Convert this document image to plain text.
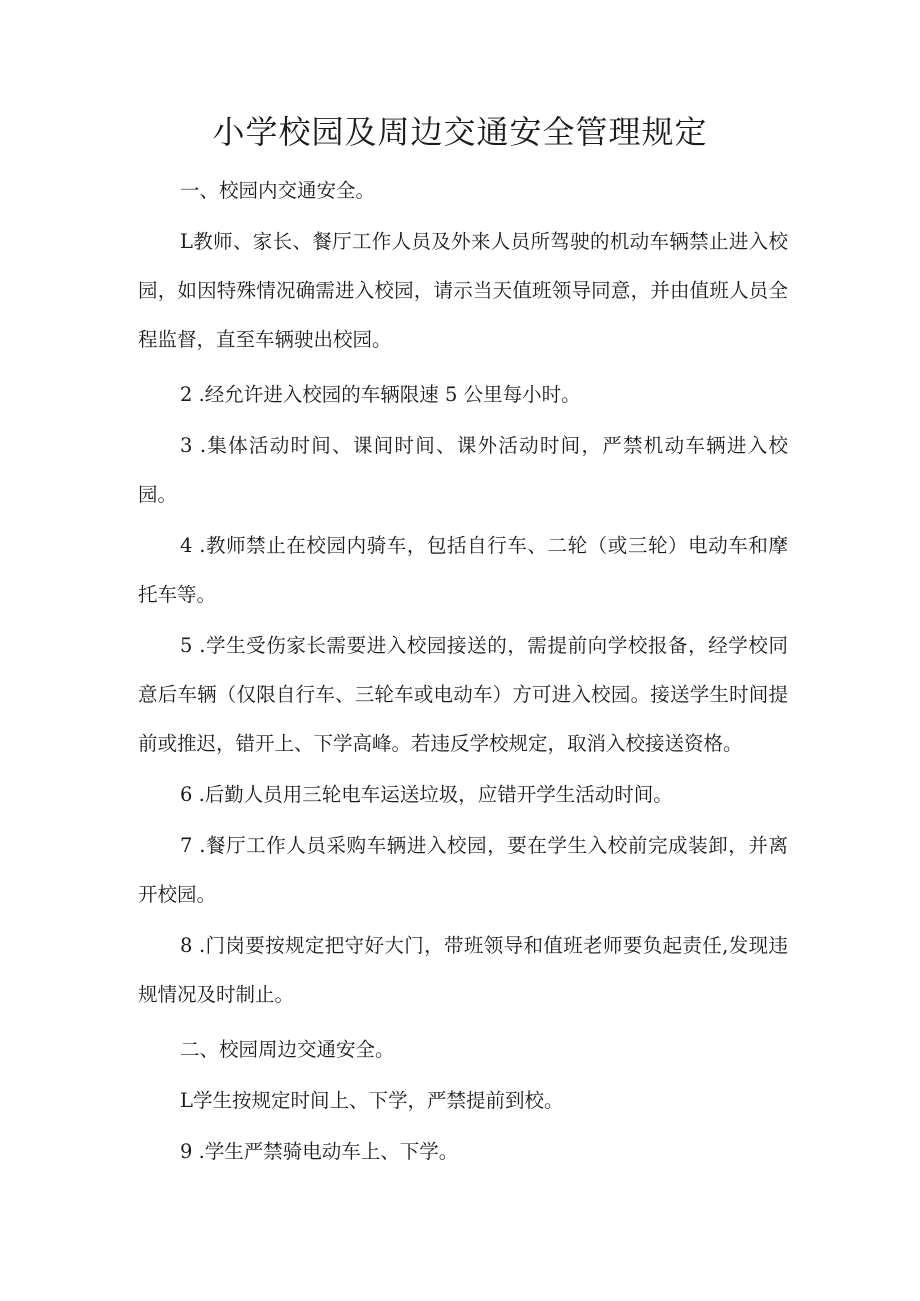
小学校园及周边交通安全管理规定

一、校园内交通安全。

L教师、家长、餐厅工作人员及外来人员所驾驶的机动车辆禁止进入校园，如因特殊情况确需进入校园，请示当天值班领导同意，并由值班人员全程监督，直至车辆驶出校园。

2 .经允许进入校园的车辆限速 5 公里每小时。

3 .集体活动时间、课间时间、课外活动时间，严禁机动车辆进入校园。

4 .教师禁止在校园内骑车，包括自行车、二轮（或三轮）电动车和摩托车等。

5 .学生受伤家长需要进入校园接送的，需提前向学校报备，经学校同意后车辆（仅限自行车、三轮车或电动车）方可进入校园。接送学生时间提前或推迟，错开上、下学高峰。若违反学校规定，取消入校接送资格。

6 .后勤人员用三轮电车运送垃圾，应错开学生活动时间。

7 .餐厅工作人员采购车辆进入校园，要在学生入校前完成装卸，并离开校园。

8 .门岗要按规定把守好大门，带班领导和值班老师要负起责任,发现违规情况及时制止。

二、校园周边交通安全。

L学生按规定时间上、下学，严禁提前到校。

9 .学生严禁骑电动车上、下学。
